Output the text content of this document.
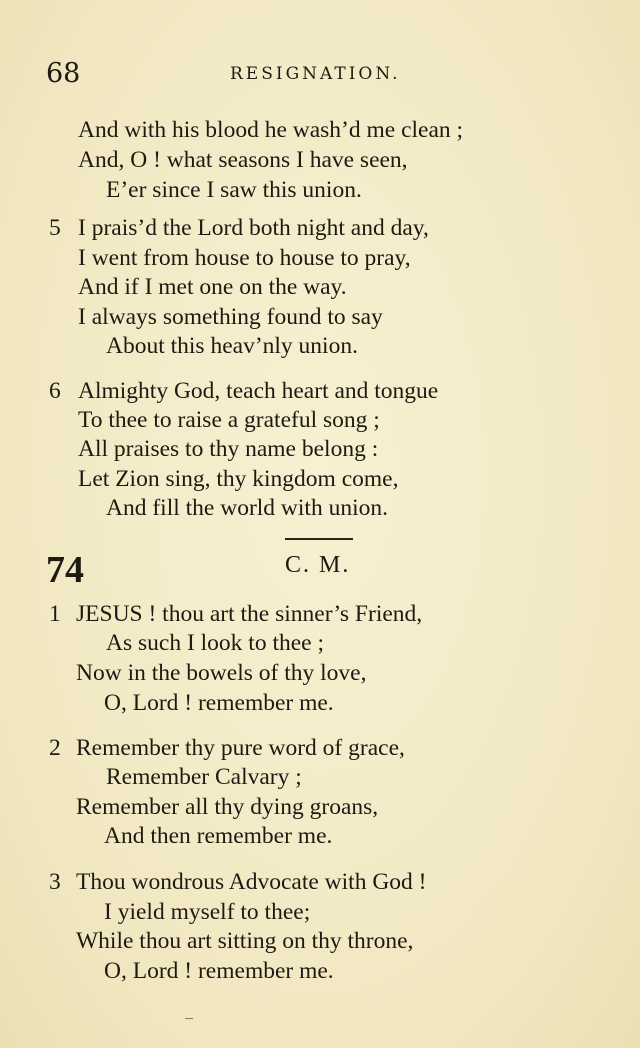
68	RESIGNATION.
And with his blood he wash’d me clean ;
And, O ! what seasons I have seen,
E’er since I saw this union.
5 I prais’d the Lord both night and day,
I went from house to house to pray,
And if I met one on the way.
I always something found to say
About this heav’nly union.
6 Almighty God, teach heart and tongue
To thee to raise a grateful song ;
All praises to thy name belong :
Let Zion sing, thy kingdom come,
And fill the world with union.
74	C. M.
1 JESUS ! thou art the sinner’s Friend,
As such I look to thee ;
Now in the bowels of thy love,
O, Lord ! remember me.
2 Remember thy pure word of grace,
Remember Calvary ;
Remember all thy dying groans,
And then remember me.
3 Thou wondrous Advocate with God !
I yield myself to thee;
While thou art sitting on thy throne,
O, Lord ! remember me.
